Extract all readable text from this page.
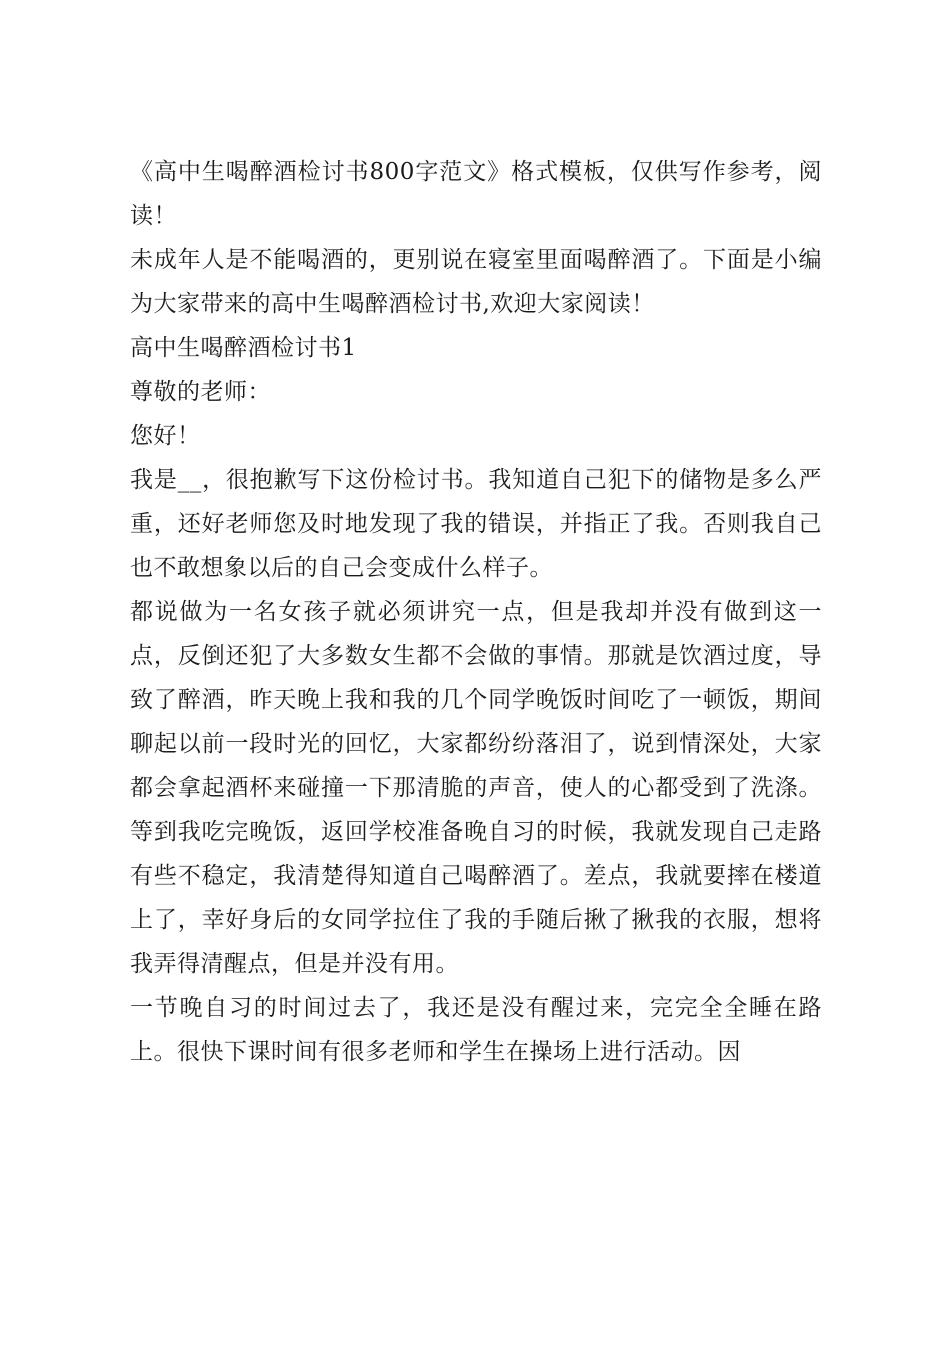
《高中生喝醉酒检讨书800字范文》格式模板，仅供写作参考，阅读！

未成年人是不能喝酒的，更别说在寝室里面喝醉酒了。下面是小编为大家带来的高中生喝醉酒检讨书,欢迎大家阅读！

高中生喝醉酒检讨书1

尊敬的老师：

您好！

我是__，很抱歉写下这份检讨书。我知道自己犯下的储物是多么严重，还好老师您及时地发现了我的错误，并指正了我。否则我自己也不敢想象以后的自己会变成什么样子。

都说做为一名女孩子就必须讲究一点，但是我却并没有做到这一点，反倒还犯了大多数女生都不会做的事情。那就是饮酒过度，导致了醉酒，昨天晚上我和我的几个同学晚饭时间吃了一顿饭，期间聊起以前一段时光的回忆，大家都纷纷落泪了，说到情深处，大家都会拿起酒杯来碰撞一下那清脆的声音，使人的心都受到了洗涤。等到我吃完晚饭，返回学校准备晚自习的时候，我就发现自己走路有些不稳定，我清楚得知道自己喝醉酒了。差点，我就要摔在楼道上了，幸好身后的女同学拉住了我的手随后揪了揪我的衣服，想将我弄得清醒点，但是并没有用。

一节晚自习的时间过去了，我还是没有醒过来，完完全全睡在路上。很快下课时间有很多老师和学生在操场上进行活动。因
